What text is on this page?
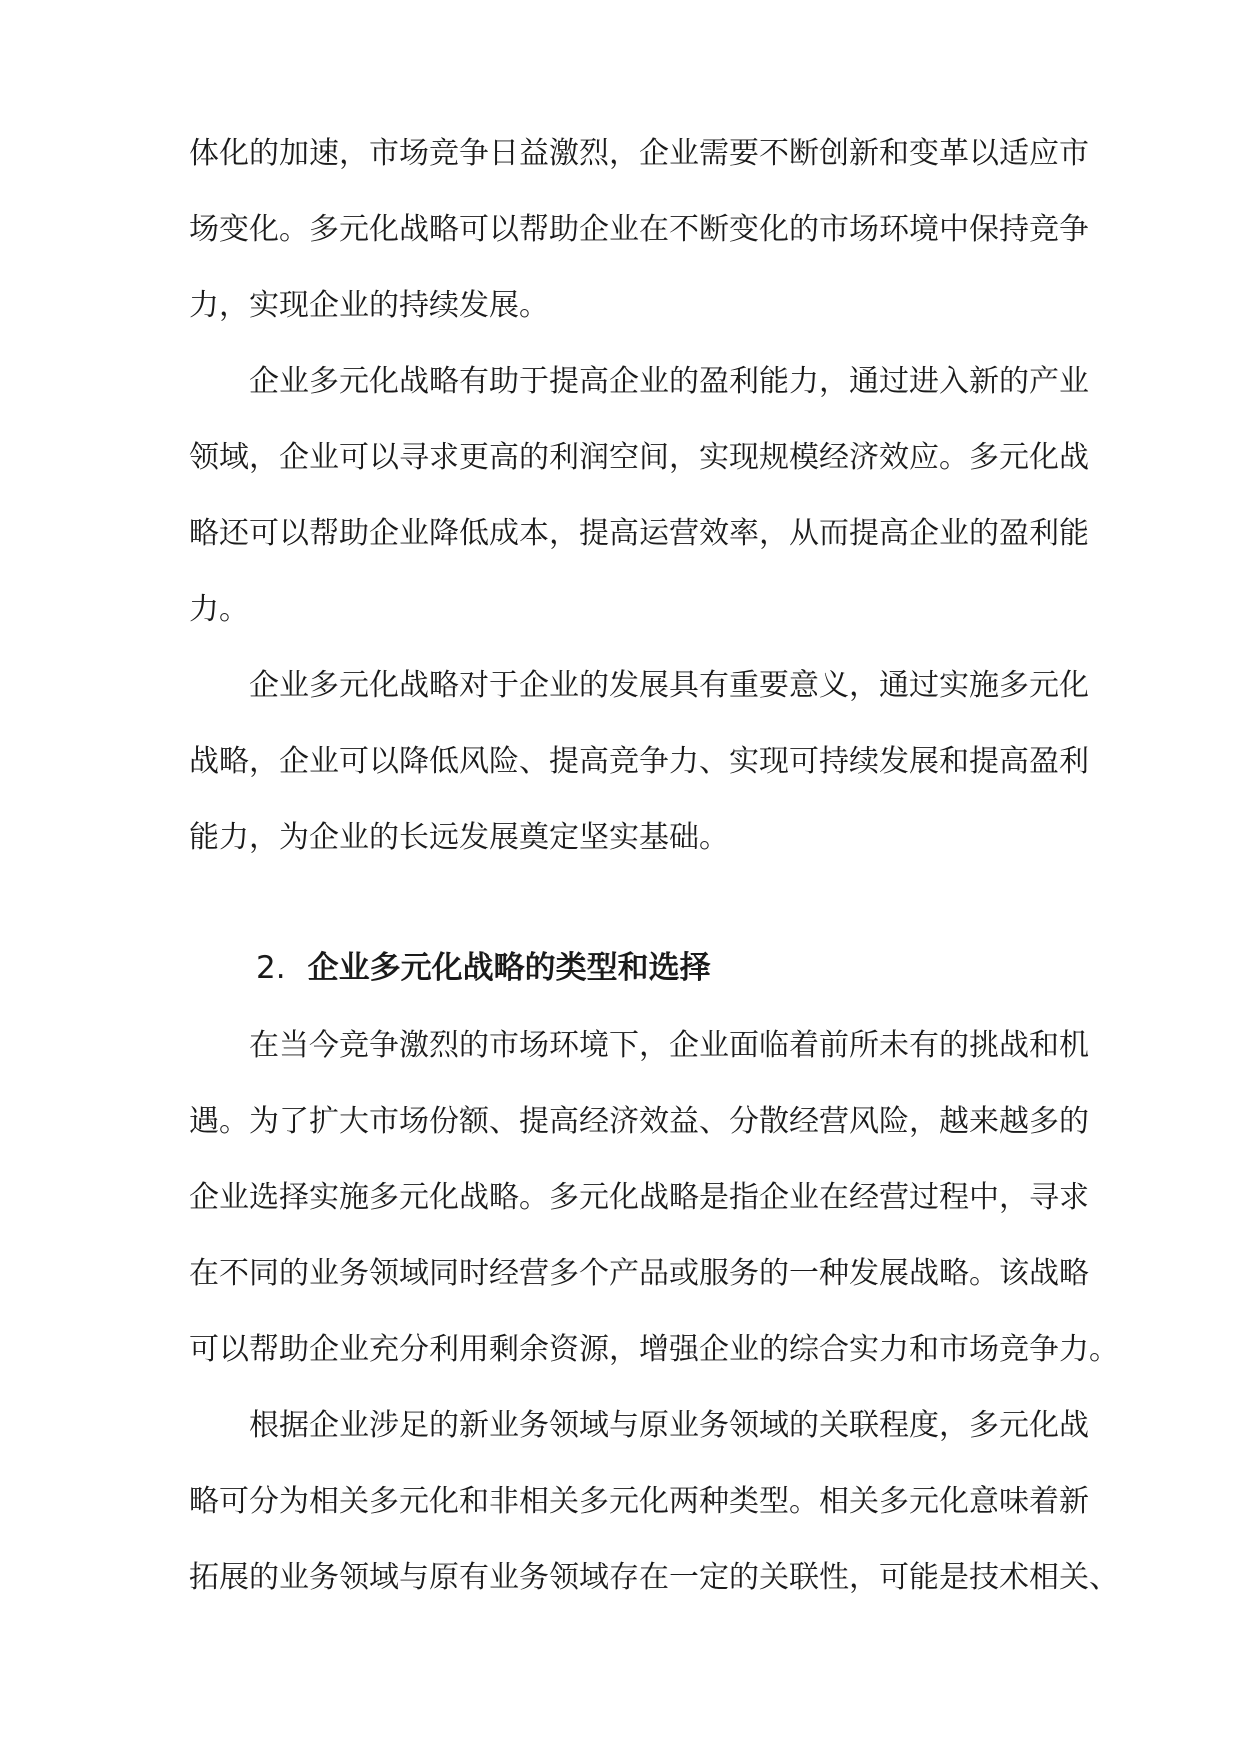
体化的加速，市场竞争日益激烈，企业需要不断创新和变革以适应市
场变化。多元化战略可以帮助企业在不断变化的市场环境中保持竞争
力，实现企业的持续发展。
企业多元化战略有助于提高企业的盈利能力，通过进入新的产业
领域，企业可以寻求更高的利润空间，实现规模经济效应。多元化战
略还可以帮助企业降低成本，提高运营效率，从而提高企业的盈利能
力。
企业多元化战略对于企业的发展具有重要意义，通过实施多元化
战略，企业可以降低风险、提高竞争力、实现可持续发展和提高盈利
能力，为企业的长远发展奠定坚实基础。
2. 企业多元化战略的类型和选择
在当今竞争激烈的市场环境下，企业面临着前所未有的挑战和机
遇。为了扩大市场份额、提高经济效益、分散经营风险，越来越多的
企业选择实施多元化战略。多元化战略是指企业在经营过程中，寻求
在不同的业务领域同时经营多个产品或服务的一种发展战略。该战略
可以帮助企业充分利用剩余资源，增强企业的综合实力和市场竞争力。
根据企业涉足的新业务领域与原业务领域的关联程度，多元化战
略可分为相关多元化和非相关多元化两种类型。相关多元化意味着新
拓展的业务领域与原有业务领域存在一定的关联性，可能是技术相关、
